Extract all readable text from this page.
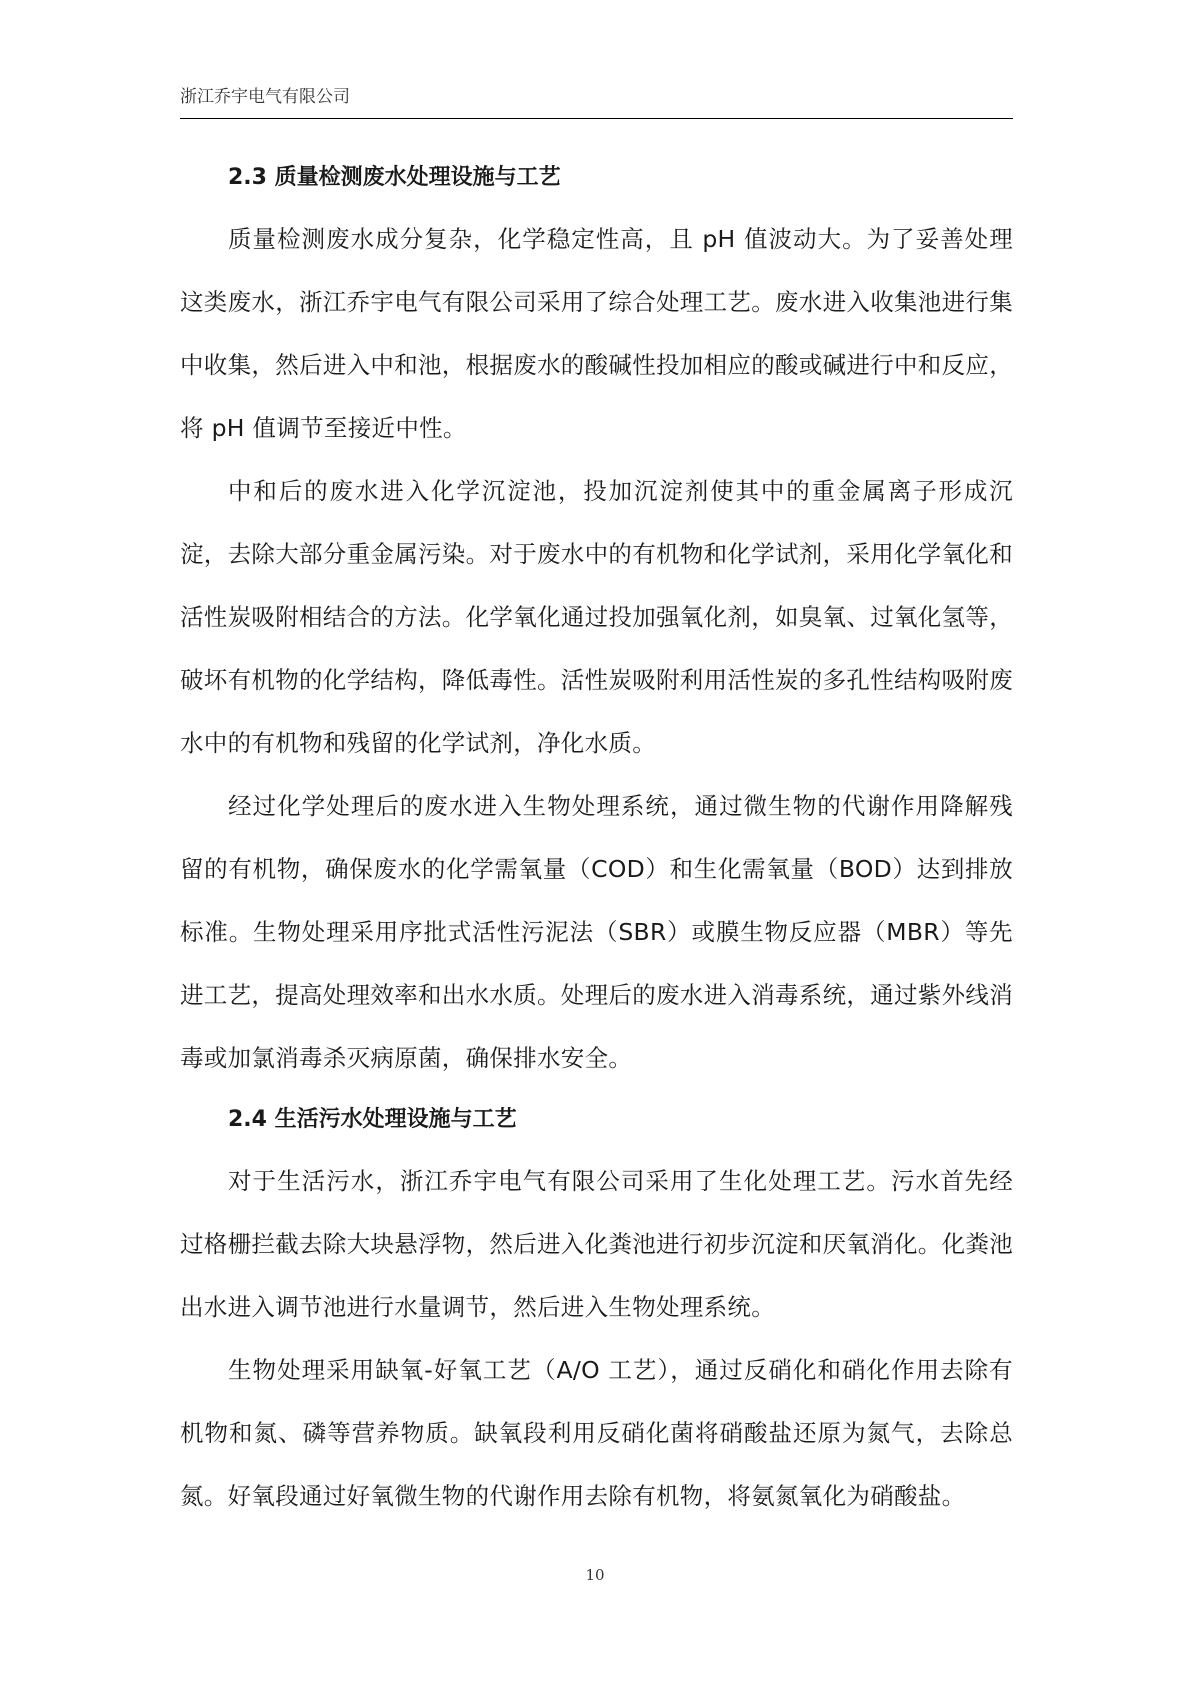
浙江乔宇电气有限公司
2.3 质量检测废水处理设施与工艺

质量检测废水成分复杂，化学稳定性高，且 pH 值波动大。为了妥善处理这类废水，浙江乔宇电气有限公司采用了综合处理工艺。废水进入收集池进行集中收集，然后进入中和池，根据废水的酸碱性投加相应的酸或碱进行中和反应，将 pH 值调节至接近中性。

中和后的废水进入化学沉淀池，投加沉淀剂使其中的重金属离子形成沉淀，去除大部分重金属污染。对于废水中的有机物和化学试剂，采用化学氧化和活性炭吸附相结合的方法。化学氧化通过投加强氧化剂，如臭氧、过氧化氢等，破坏有机物的化学结构，降低毒性。活性炭吸附利用活性炭的多孔性结构吸附废水中的有机物和残留的化学试剂，净化水质。

经过化学处理后的废水进入生物处理系统，通过微生物的代谢作用降解残留的有机物，确保废水的化学需氧量（COD）和生化需氧量（BOD）达到排放标准。生物处理采用序批式活性污泥法（SBR）或膜生物反应器（MBR）等先进工艺，提高处理效率和出水水质。处理后的废水进入消毒系统，通过紫外线消毒或加氯消毒杀灭病原菌，确保排水安全。

2.4 生活污水处理设施与工艺

对于生活污水，浙江乔宇电气有限公司采用了生化处理工艺。污水首先经过格栅拦截去除大块悬浮物，然后进入化粪池进行初步沉淀和厌氧消化。化粪池出水进入调节池进行水量调节，然后进入生物处理系统。

生物处理采用缺氧-好氧工艺（A/O 工艺），通过反硝化和硝化作用去除有机物和氮、磷等营养物质。缺氧段利用反硝化菌将硝酸盐还原为氮气，去除总氮。好氧段通过好氧微生物的代谢作用去除有机物，将氨氮氧化为硝酸盐。

10
